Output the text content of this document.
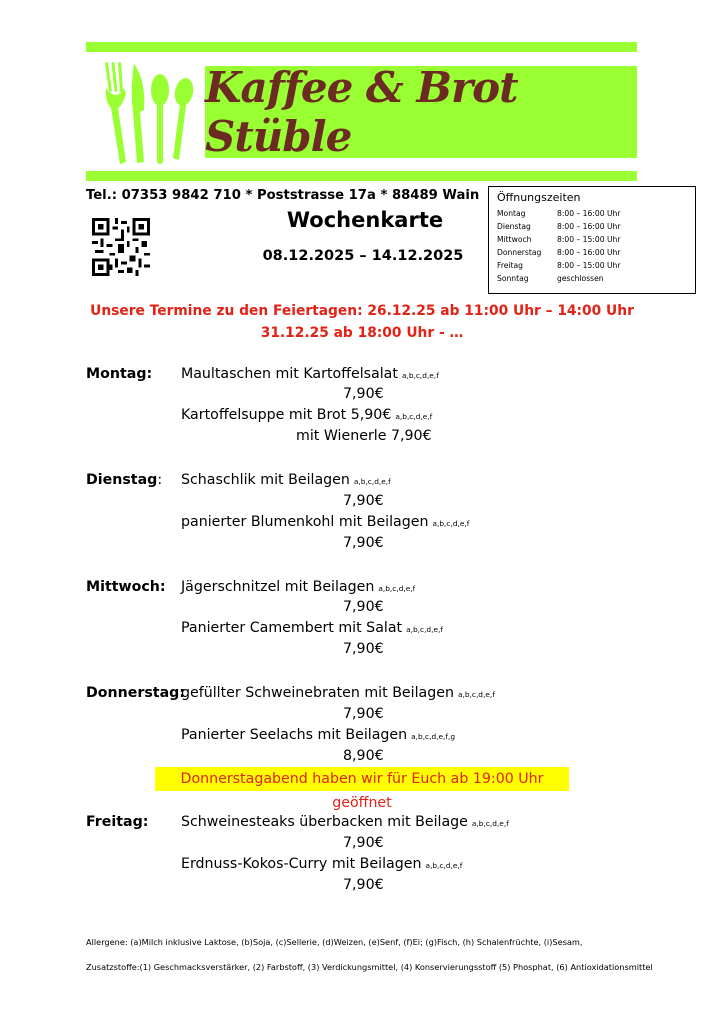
Kaffee & Brot Stüble
Tel.: 07353 9842 710 * Poststrasse 17a * 88489 Wain
Wochenkarte
08.12.2025 – 14.12.2025
Öffnungszeiten
Montag	8:00 – 16:00 Uhr
Dienstag	8:00 – 16:00 Uhr
Mittwoch	8:00 – 15:00 Uhr
Donnerstag	8:00 – 16:00 Uhr
Freitag	8:00 – 15:00 Uhr
Sonntag	geschlossen
Unsere Termine zu den Feiertagen: 26.12.25 ab 11:00 Uhr – 14:00 Uhr
31.12.25 ab 18:00 Uhr - …
Montag: Maultaschen mit Kartoffelsalat a,b,c,d,e,f
7,90€
Kartoffelsuppe mit Brot 5,90€ a,b,c,d,e,f
mit Wienerle 7,90€
Dienstag: Schaschlik mit Beilagen a,b,c,d,e,f
7,90€
panierter Blumenkohl mit Beilagen a,b,c,d,e,f
7,90€
Mittwoch: Jägerschnitzel mit Beilagen a,b,c,d,e,f
7,90€
Panierter Camembert mit Salat a,b,c,d,e,f
7,90€
Donnerstag:
gefüllter Schweinebraten mit Beilagen a,b,c,d,e,f
7,90€
Panierter Seelachs mit Beilagen a,b,c,d,e,f,g
8,90€
Donnerstagabend haben wir für Euch ab 19:00 Uhr geöffnet
Freitag: Schweinesteaks überbacken mit Beilage a,b,c,d,e,f
7,90€
Erdnuss-Kokos-Curry mit Beilagen a,b,c,d,e,f
7,90€
Allergene: (a)Milch inklusive Laktose, (b)Soja, (c)Sellerie, (d)Weizen, (e)Senf, (f)Ei; (g)Fisch, (h) Schalenfrüchte, (i)Sesam,
Zusatzstoffe:(1) Geschmacksverstärker, (2) Farbstoff, (3) Verdickungsmittel, (4) Konservierungsstoff (5) Phosphat, (6) Antioxidationsmittel
